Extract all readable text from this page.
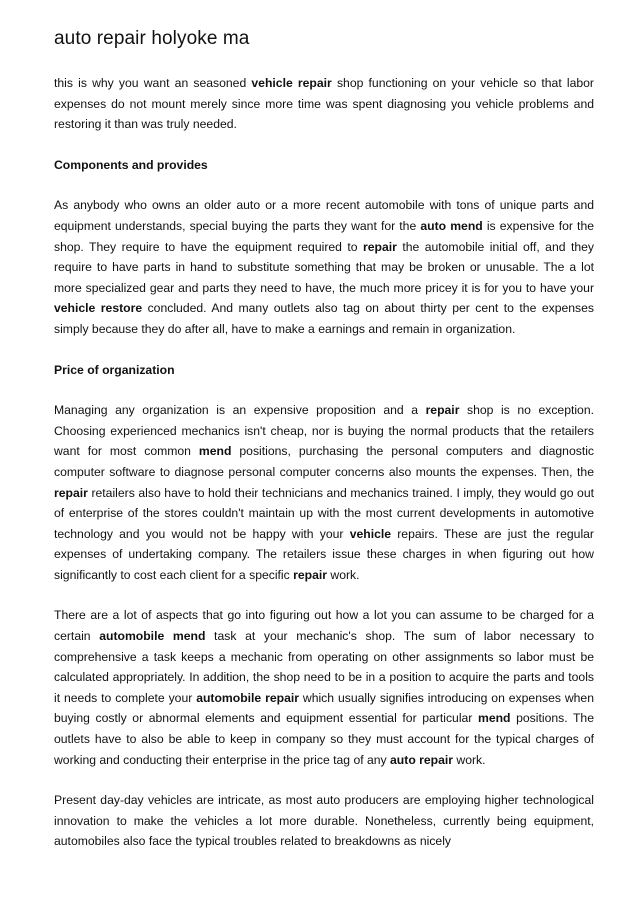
auto repair holyoke ma

this is why you want an seasoned vehicle repair shop functioning on your vehicle so that labor expenses do not mount merely since more time was spent diagnosing you vehicle problems and restoring it than was truly needed.

Components and provides

As anybody who owns an older auto or a more recent automobile with tons of unique parts and equipment understands, special buying the parts they want for the auto mend is expensive for the shop. They require to have the equipment required to repair the automobile initial off, and they require to have parts in hand to substitute something that may be broken or unusable. The a lot more specialized gear and parts they need to have, the much more pricey it is for you to have your vehicle restore concluded. And many outlets also tag on about thirty per cent to the expenses simply because they do after all, have to make a earnings and remain in organization.

Price of organization

Managing any organization is an expensive proposition and a repair shop is no exception. Choosing experienced mechanics isn't cheap, nor is buying the normal products that the retailers want for most common mend positions, purchasing the personal computers and diagnostic computer software to diagnose personal computer concerns also mounts the expenses. Then, the repair retailers also have to hold their technicians and mechanics trained. I imply, they would go out of enterprise of the stores couldn't maintain up with the most current developments in automotive technology and you would not be happy with your vehicle repairs. These are just the regular expenses of undertaking company. The retailers issue these charges in when figuring out how significantly to cost each client for a specific repair work.

There are a lot of aspects that go into figuring out how a lot you can assume to be charged for a certain automobile mend task at your mechanic's shop. The sum of labor necessary to comprehensive a task keeps a mechanic from operating on other assignments so labor must be calculated appropriately. In addition, the shop need to be in a position to acquire the parts and tools it needs to complete your automobile repair which usually signifies introducing on expenses when buying costly or abnormal elements and equipment essential for particular mend positions. The outlets have to also be able to keep in company so they must account for the typical charges of working and conducting their enterprise in the price tag of any auto repair work.

Present day-day vehicles are intricate, as most auto producers are employing higher technological innovation to make the vehicles a lot more durable. Nonetheless, currently being equipment, automobiles also face the typical troubles related to breakdowns as nicely
